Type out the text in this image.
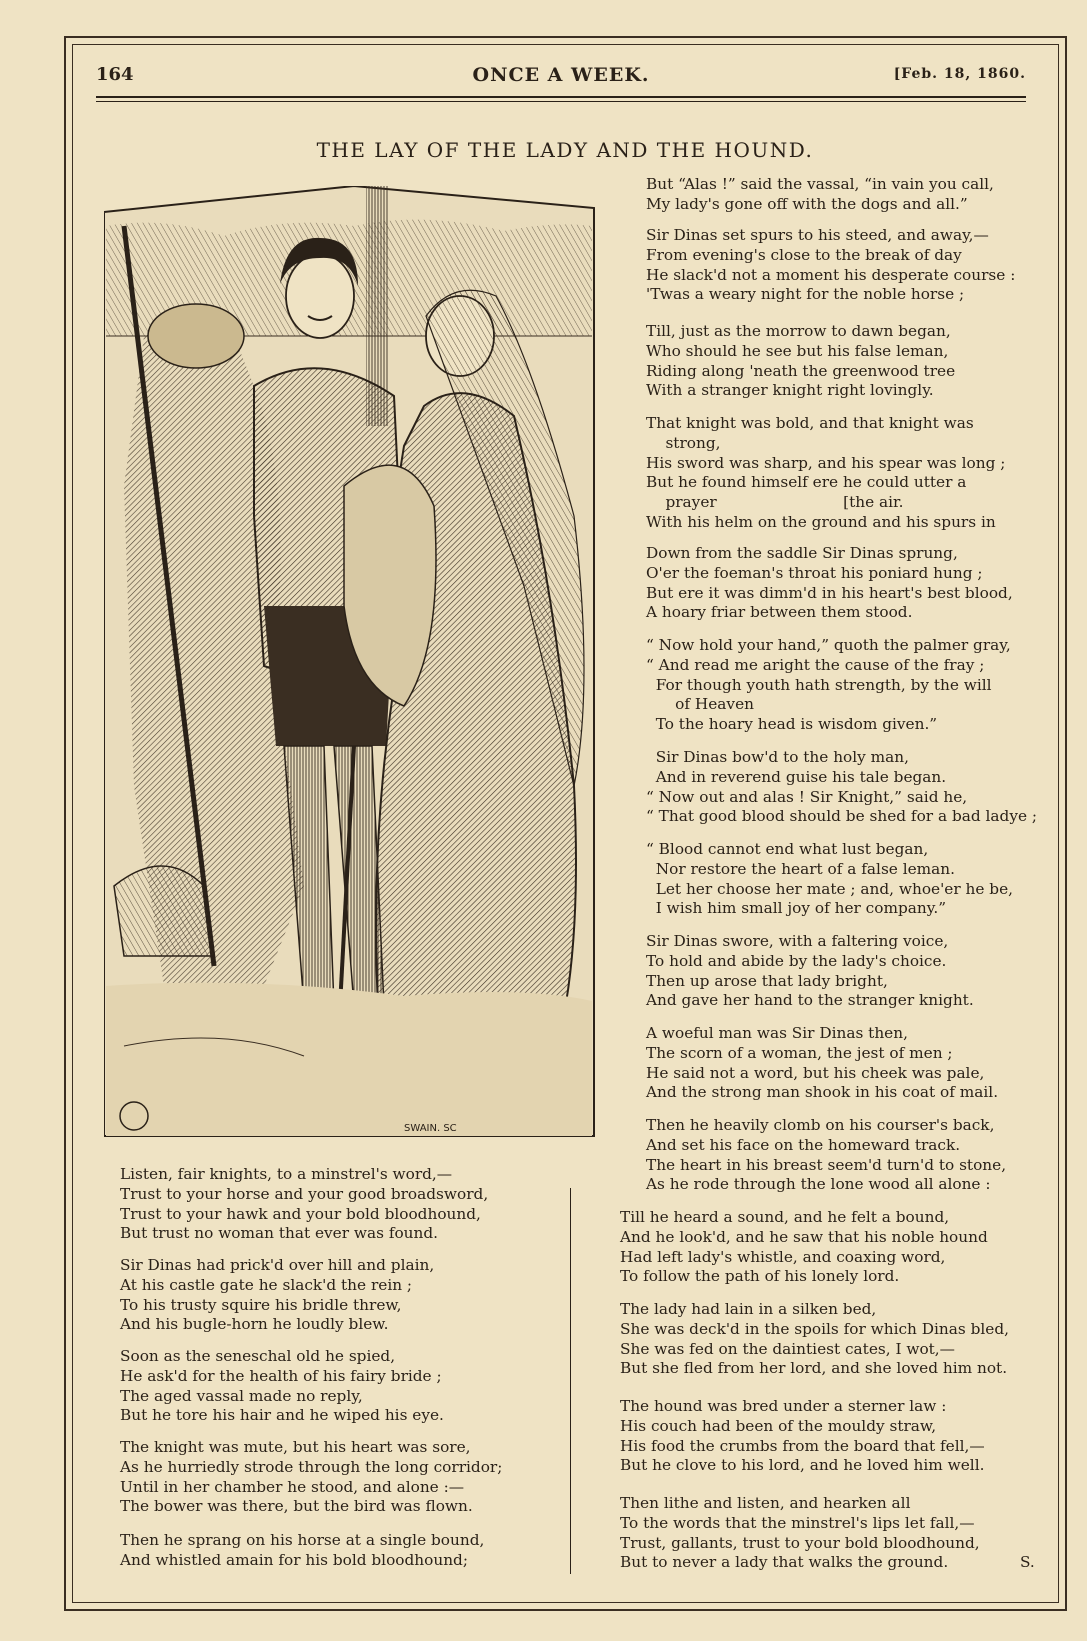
164	ONCE A WEEK.	[Feb. 18, 1860.
THE LAY OF THE LADY AND THE HOUND.
SWAIN. SC
Listen, fair knights, to a minstrel's word,—
Trust to your horse and your good broadsword,
Trust to your hawk and your bold bloodhound,
But trust no woman that ever was found.
Sir Dinas had prick'd over hill and plain,
At his castle gate he slack'd the rein ;
To his trusty squire his bridle threw,
And his bugle-horn he loudly blew.
Soon as the seneschal old he spied,
He ask'd for the health of his fairy bride ;
The aged vassal made no reply,
But he tore his hair and he wiped his eye.
The knight was mute, but his heart was sore,
As he hurriedly strode through the long corridor;
Until in her chamber he stood, and alone :—
The bower was there, but the bird was flown.
Then he sprang on his horse at a single bound,
And whistled amain for his bold bloodhound;
But “Alas !” said the vassal, “in vain you call,
My lady's gone off with the dogs and all.”
Sir Dinas set spurs to his steed, and away,—
From evening's close to the break of day
He slack'd not a moment his desperate course :
'Twas a weary night for the noble horse ;
Till, just as the morrow to dawn began,
Who should he see but his false leman,
Riding along 'neath the greenwood tree
With a stranger knight right lovingly.
That knight was bold, and that knight was
strong,
His sword was sharp, and his spear was long ;
But he found himself ere he could utter a
prayer                          [the air.
With his helm on the ground and his spurs in
Down from the saddle Sir Dinas sprung,
O'er the foeman's throat his poniard hung ;
But ere it was dimm'd in his heart's best blood,
A hoary friar between them stood.
“ Now hold your hand,” quoth the palmer gray,
“ And read me aright the cause of the fray ;
For though youth hath strength, by the will
of Heaven
To the hoary head is wisdom given.”
Sir Dinas bow'd to the holy man,
And in reverend guise his tale began.
“ Now out and alas ! Sir Knight,” said he,
“ That good blood should be shed for a bad ladye ;
“ Blood cannot end what lust began,
Nor restore the heart of a false leman.
Let her choose her mate ; and, whoe'er he be,
I wish him small joy of her company.”
Sir Dinas swore, with a faltering voice,
To hold and abide by the lady's choice.
Then up arose that lady bright,
And gave her hand to the stranger knight.
A woeful man was Sir Dinas then,
The scorn of a woman, the jest of men ;
He said not a word, but his cheek was pale,
And the strong man shook in his coat of mail.
Then he heavily clomb on his courser's back,
And set his face on the homeward track.
The heart in his breast seem'd turn'd to stone,
As he rode through the lone wood all alone :
Till he heard a sound, and he felt a bound,
And he look'd, and he saw that his noble hound
Had left lady's whistle, and coaxing word,
To follow the path of his lonely lord.
The lady had lain in a silken bed,
She was deck'd in the spoils for which Dinas bled,
She was fed on the daintiest cates, I wot,—
But she fled from her lord, and she loved him not.
The hound was bred under a sterner law :
His couch had been of the mouldy straw,
His food the crumbs from the board that fell,—
But he clove to his lord, and he loved him well.
Then lithe and listen, and hearken all
To the words that the minstrel's lips let fall,—
Trust, gallants, trust to your bold bloodhound,
But to never a lady that walks the ground.	S.
